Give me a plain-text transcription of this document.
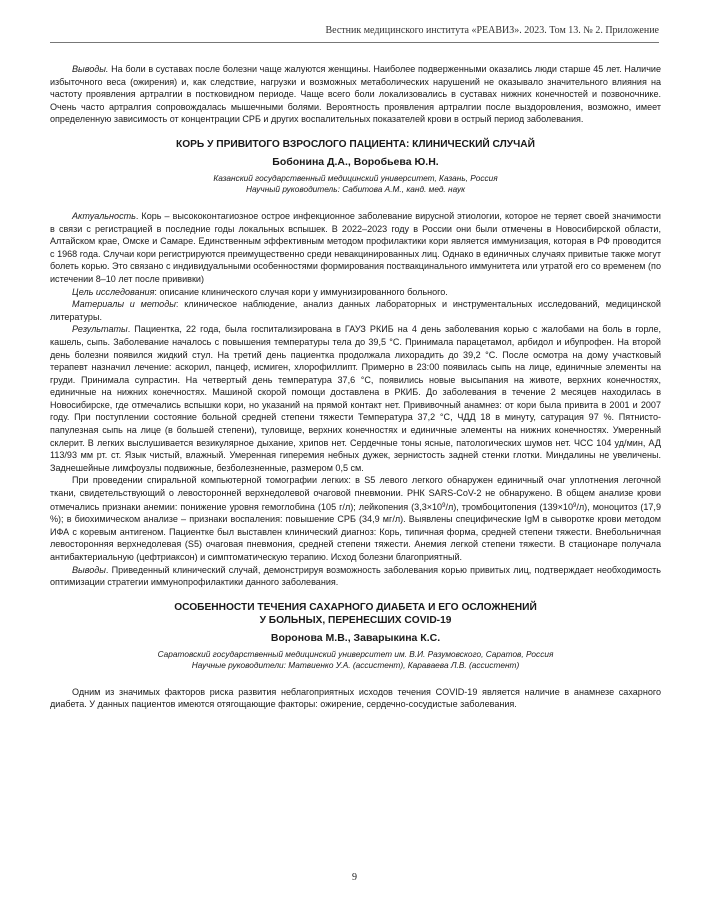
Вестник медицинского института «РЕАВИЗ». 2023. Том 13. № 2. Приложение

Выводы. На боли в суставах после болезни чаще жалуются женщины. Наиболее подверженными оказались люди старше 45 лет. Наличие избыточного веса (ожирения) и, как следствие, нагрузки и возможных метаболических нарушений не оказывало значительного влияния на частоту проявления артралгии в постковидном периоде. Чаще всего боли локализовались в суставах нижних конечностей и позвоночнике. Очень часто артралгия сопровождалась мышечными болями. Вероятность проявления артралгии после выздоровления, возможно, имеет определенную зависимость от концентрации СРБ и других воспалительных показателей крови в острый период заболевания.

КОРЬ У ПРИВИТОГО ВЗРОСЛОГО ПАЦИЕНТА: КЛИНИЧЕСКИЙ СЛУЧАЙ

Бобонина Д.А., Воробьева Ю.Н.

Казанский государственный медицинский университет, Казань, Россия

Научный руководитель: Сабитова А.М., канд. мед. наук

Актуальность. Корь – высококонтагиозное острое инфекционное заболевание вирусной этиологии, которое не теряет своей значимости в связи с регистрацией в последние годы локальных вспышек. В 2022–2023 году в России они были отмечены в Новосибирской области, Алтайском крае, Омске и Самаре. Единственным эффективным методом профилактики кори является иммунизация, которая в РФ проводится с 1968 года. Случаи кори регистрируются преимущественно среди невакцинированных лиц. Однако в единичных случаях привитые также могут болеть корью. Это связано с индивидуальными особенностями формирования поствакцинального иммунитета или утратой его со временем (по истечении 8–10 лет после прививки)

Цель исследования: описание клинического случая кори у иммунизированного больного.

Материалы и методы: клиническое наблюдение, анализ данных лабораторных и инструментальных исследований, медицинской литературы.

Результаты. Пациентка, 22 года, была госпитализирована в ГАУЗ РКИБ на 4 день заболевания корью с жалобами на боль в горле, кашель, сыпь. Заболевание началось с повышения температуры тела до 39,5 °С. Принимала парацетамол, арбидол и ибупрофен. На второй день болезни появился жидкий стул. На третий день пациентка продолжала лихорадить до 39,2 °С. После осмотра на дому участковый терапевт назначил лечение: аскорил, панцеф, исмиген, хлорофиллипт. Примерно в 23:00 появилась сыпь на лице, единичные элементы на груди. Принимала супрастин. На четвертый день температура 37,6 °С, появились новые высыпания на животе, верхних конечностях, единичные на нижних конечностях. Машиной скорой помощи доставлена в РКИБ. До заболевания в течение 2 месяцев находилась в Новосибирске, где отмечались вспышки кори, но указаний на прямой контакт нет. Прививочный анамнез: от кори была привита в 2001 и 2007 году. При поступлении состояние больной средней степени тяжести Температура 37,2 °С, ЧДД 18 в минуту, сатурация 97 %. Пятнисто-папулезная сыпь на лице (в большей степени), туловище, верхних конечностях и единичные элементы на нижних конечностях. Умеренный склерит. В легких выслушивается везикулярное дыхание, хрипов нет. Сердечные тоны ясные, патологических шумов нет. ЧСС 104 уд/мин, АД 113/93 мм рт. ст. Язык чистый, влажный. Умеренная гиперемия небных дужек, зернистость задней стенки глотки. Миндалины не увеличены. Заднешейные лимфоузлы подвижные, безболезненные, размером 0,5 см.

При проведении спиральной компьютерной томографии легких: в S5 левого легкого обнаружен единичный очаг уплотнения легочной ткани, свидетельствующий о левосторонней верхнедолевой очаговой пневмонии. РНК SARS-CoV-2 не обнаружено. В общем анализе крови отмечались признаки анемии: понижение уровня гемоглобина (105 г/л); лейкопения $(3,3\times 10^9/л)$, тромбоцитопения $(139\times 10^9/л)$, моноцитоз (17,9 %); в биохимическом анализе – признаки воспаления: повышение СРБ (34,9 мг/л). Выявлены специфические IgM в сыворотке крови методом ИФА с коревым антигеном. Пациентке был выставлен клинический диагноз: Корь, типичная форма, средней степени тяжести. Внебольничная левосторонняя верхнедолевая (S5) очаговая пневмония, средней степени тяжести. Анемия легкой степени тяжести. В стационаре получала антибактериальную (цефтриаксон) и симптоматическую терапию. Исход болезни благоприятный.

Выводы. Приведенный клинический случай, демонстрируя возможность заболевания корью привитых лиц, подтверждает необходимость оптимизации стратегии иммунопрофилактики данного заболевания.

ОСОБЕННОСТИ ТЕЧЕНИЯ САХАРНОГО ДИАБЕТА И ЕГО ОСЛОЖНЕНИЙ

У БОЛЬНЫХ, ПЕРЕНЕСШИХ COVID-19

Воронова М.В., Заварыкина К.С.

Саратовский государственный медицинский университет им. В.И. Разумовского, Саратов, Россия

Научные руководители: Матвиенко У.А. (ассистент), Караваева Л.В. (ассистент)

Одним из значимых факторов риска развития неблагоприятных исходов течения COVID-19 является наличие в анамнезе сахарного диабета. У данных пациентов имеются отягощающие факторы: ожирение, сердечно-сосудистые заболевания.

9
